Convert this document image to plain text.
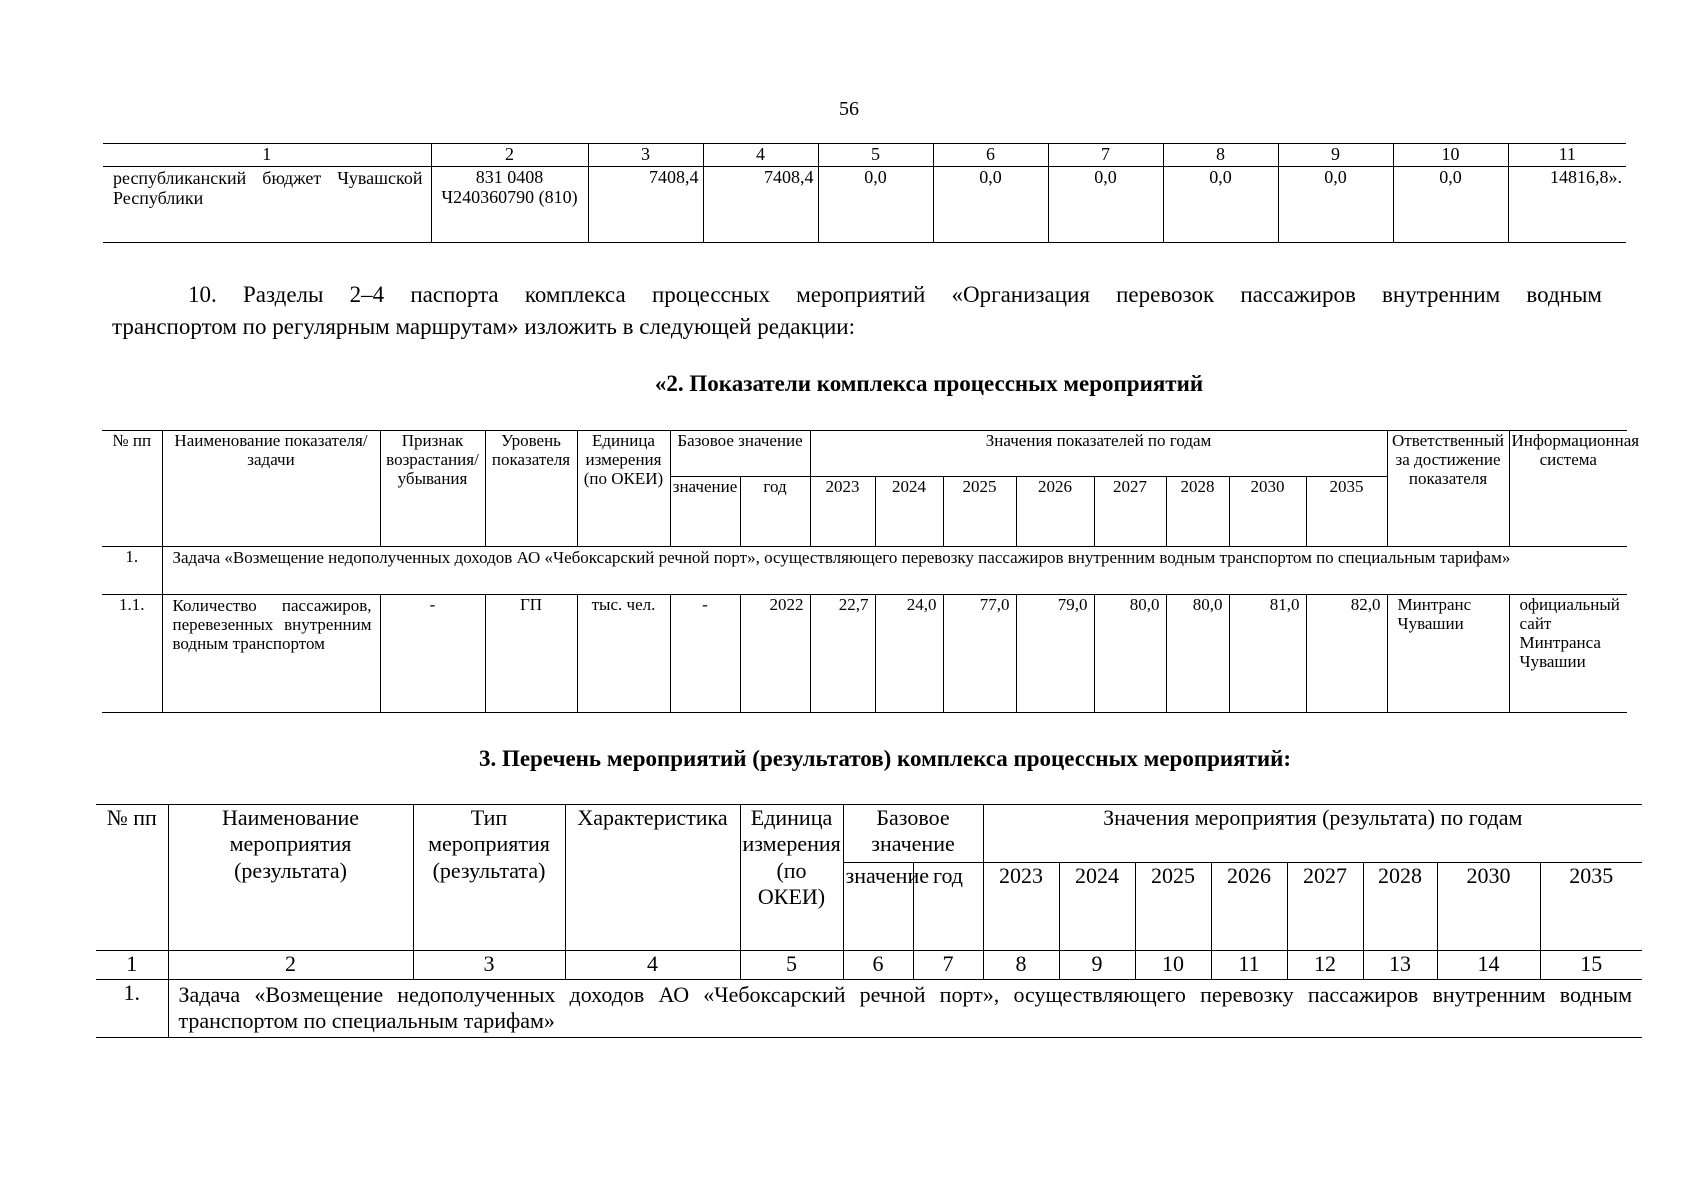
56
1	2	3	4	5	6	7	8	9	10	11
республиканский бюджет Чувашской Республики	831 0408 Ч240360790 (810)	7408,4	7408,4	0,0	0,0	0,0	0,0	0,0	0,0	14816,8».
10. Разделы 2–4 паспорта комплекса процессных мероприятий «Организация перевозок пассажиров внутренним водным
транспортом по регулярным маршрутам» изложить в следующей редакции:
«2. Показатели комплекса процессных мероприятий
№ пп	Наименование показателя/задачи	Признак возрастания/ убывания	Уровень показателя	Единица измерения (по ОКЕИ)	Базовое значение		Значения показателей по годам								Ответственный за достижение показателя	Информационная система
					значение	год	2023	2024	2025	2026	2027	2028	2030	2035		
1.	Задача «Возмещение недополученных доходов АО «Чебоксарский речной порт», осуществляющего перевозку пассажиров внутренним водным транспортом по специальным тарифам»															
1.1.	Количество пассажиров, перевезенных внутренним водным транспортом	-	ГП	тыс. чел.	-	2022	22,7	24,0	77,0	79,0	80,0	80,0	81,0	82,0	Минтранс Чувашии	официальный сайт Минтранса Чувашии
3. Перечень мероприятий (результатов) комплекса процессных мероприятий:
№ пп	Наименование мероприятия (результата)	Тип мероприятия (результата)	Характеристика	Единица измерения (по ОКЕИ)	Базовое значение		Значения мероприятия (результата) по годам							
					значение	год	2023	2024	2025	2026	2027	2028	2030	2035
1	2	3	4	5	6	7	8	9	10	11	12	13	14	15
1.	Задача «Возмещение недополученных доходов АО «Чебоксарский речной порт», осуществляющего перевозку пассажиров внутренним водным транспортом по специальным тарифам»													
